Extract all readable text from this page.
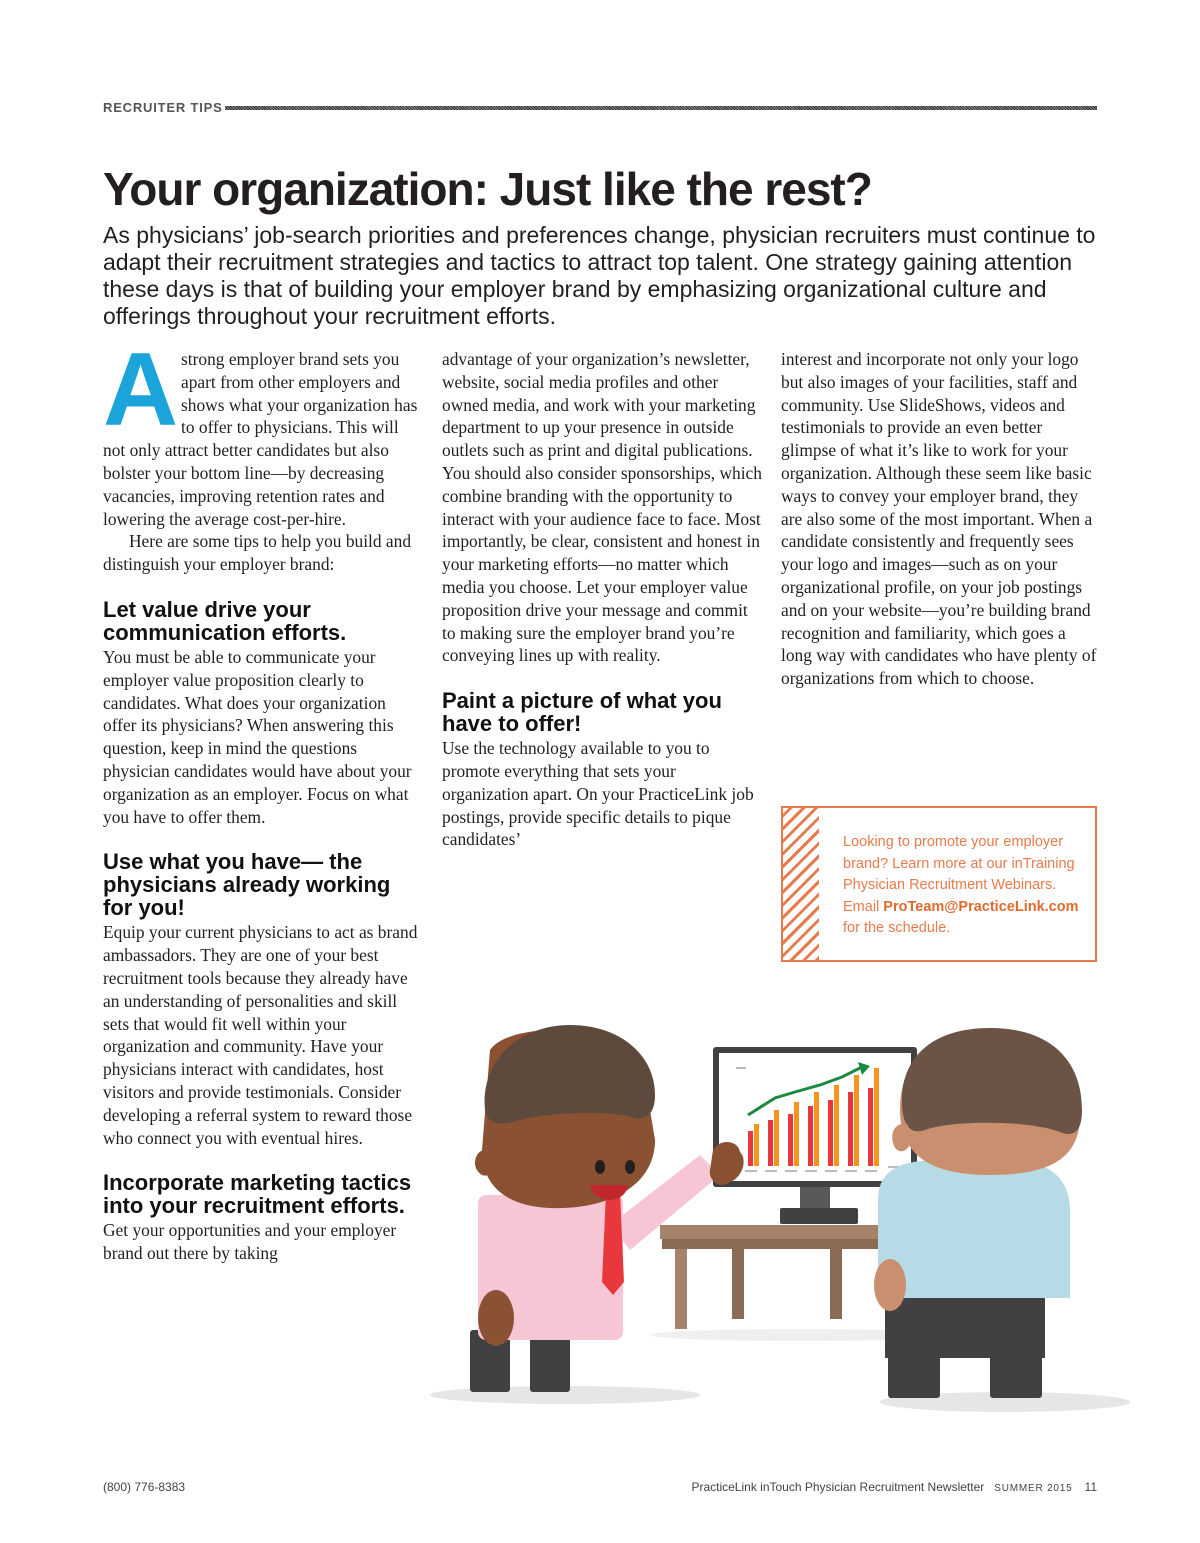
RECRUITER TIPS
Your organization: Just like the rest?

As physicians’ job-search priorities and preferences change, physician recruiters must continue to adapt their recruitment strategies and tactics to attract top talent. One strategy gaining attention these days is that of building your employer brand by emphasizing organizational culture and offerings throughout your recruitment efforts.

Astrong employer brand sets you apart from other employers and shows what your organization has to offer to physicians. This will not only attract better candidates but also bolster your bottom line—by decreasing vacancies, improving retention rates and lowering the average cost-per-hire.

Here are some tips to help you build and distinguish your employer brand:

Let value drive your communication efforts.

You must be able to communicate your employer value proposition clearly to candidates. What does your organization offer its physicians? When answering this question, keep in mind the questions physician candidates would have about your organization as an employer. Focus on what you have to offer them.

Use what you have— the physicians already working for you!

Equip your current physicians to act as brand ambassadors. They are one of your best recruitment tools because they already have an understanding of personalities and skill sets that would fit well within your organization and community. Have your physicians interact with candidates, host visitors and provide testimonials. Consider developing a referral system to reward those who connect you with eventual hires.

Incorporate marketing tactics into your recruitment efforts.

Get your opportunities and your employer brand out there by taking

advantage of your organization’s newsletter, website, social media profiles and other owned media, and work with your marketing department to up your presence in outside outlets such as print and digital publications. You should also consider sponsorships, which combine branding with the opportunity to interact with your audience face to face. Most importantly, be clear, consistent and honest in your marketing efforts—no matter which media you choose. Let your employer value proposition drive your message and commit to making sure the employer brand you’re conveying lines up with reality.

Paint a picture of what you have to offer!

Use the technology available to you to promote everything that sets your organization apart. On your PracticeLink job postings, provide specific details to pique candidates’

interest and incorporate not only your logo but also images of your facilities, staff and community. Use SlideShows, videos and testimonials to provide an even better glimpse of what it’s like to work for your organization. Although these seem like basic ways to convey your employer brand, they are also some of the most important. When a candidate consistently and frequently sees your logo and images—such as on your organizational profile, on your job postings and on your website—you’re building brand recognition and familiarity, which goes a long way with candidates who have plenty of organizations from which to choose.

Looking to promote your employer brand? Learn more at our inTraining Physician Recruitment Webinars. Email ProTeam@PracticeLink.com for the schedule.

(800) 776-8383	PracticeLink inTouch Physician Recruitment Newsletter SUMMER 2015 11
